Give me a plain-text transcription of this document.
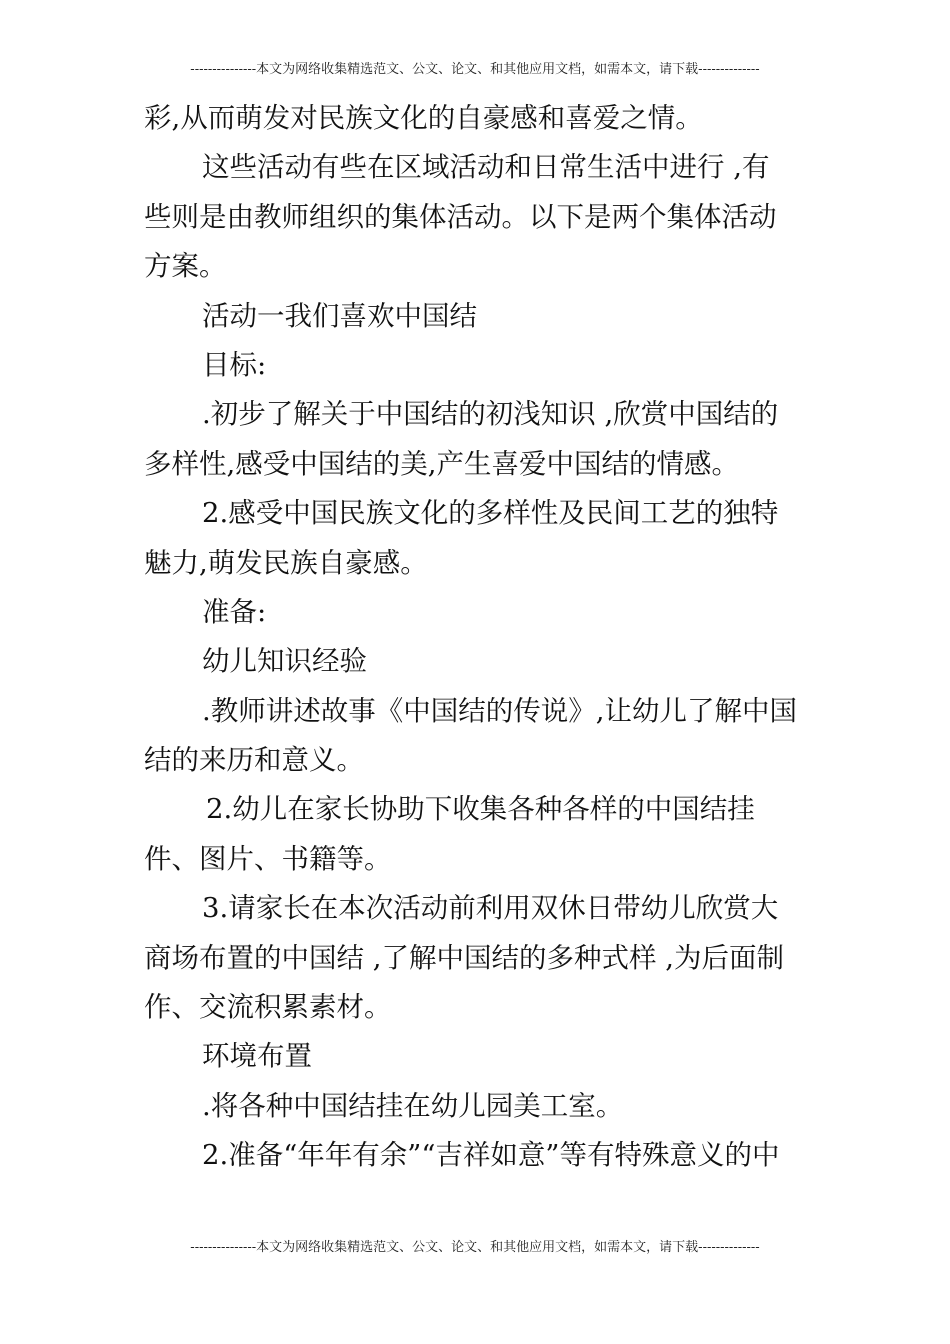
---------------本文为网络收集精选范文、公文、论文、和其他应用文档，如需本文，请下载--------------
彩,从而萌发对民族文化的自豪感和喜爱之情。
这些活动有些在区域活动和日常生活中进行 ,有
些则是由教师组织的集体活动。以下是两个集体活动
方案。
活动一我们喜欢中国结
目标:
.初步了解关于中国结的初浅知识 ,欣赏中国结的
多样性,感受中国结的美,产生喜爱中国结的情感。
2.感受中国民族文化的多样性及民间工艺的独特
魅力,萌发民族自豪感。
准备:
幼儿知识经验
.教师讲述故事《中国结的传说》,让幼儿了解中国
结的来历和意义。
2.幼儿在家长协助下收集各种各样的中国结挂
件、图片、书籍等。
3.请家长在本次活动前利用双休日带幼儿欣赏大
商场布置的中国结 ,了解中国结的多种式样 ,为后面制
作、交流积累素材。
环境布置
.将各种中国结挂在幼儿园美工室。
2.准备“年年有余”“吉祥如意”等有特殊意义的中
---------------本文为网络收集精选范文、公文、论文、和其他应用文档，如需本文，请下载--------------
